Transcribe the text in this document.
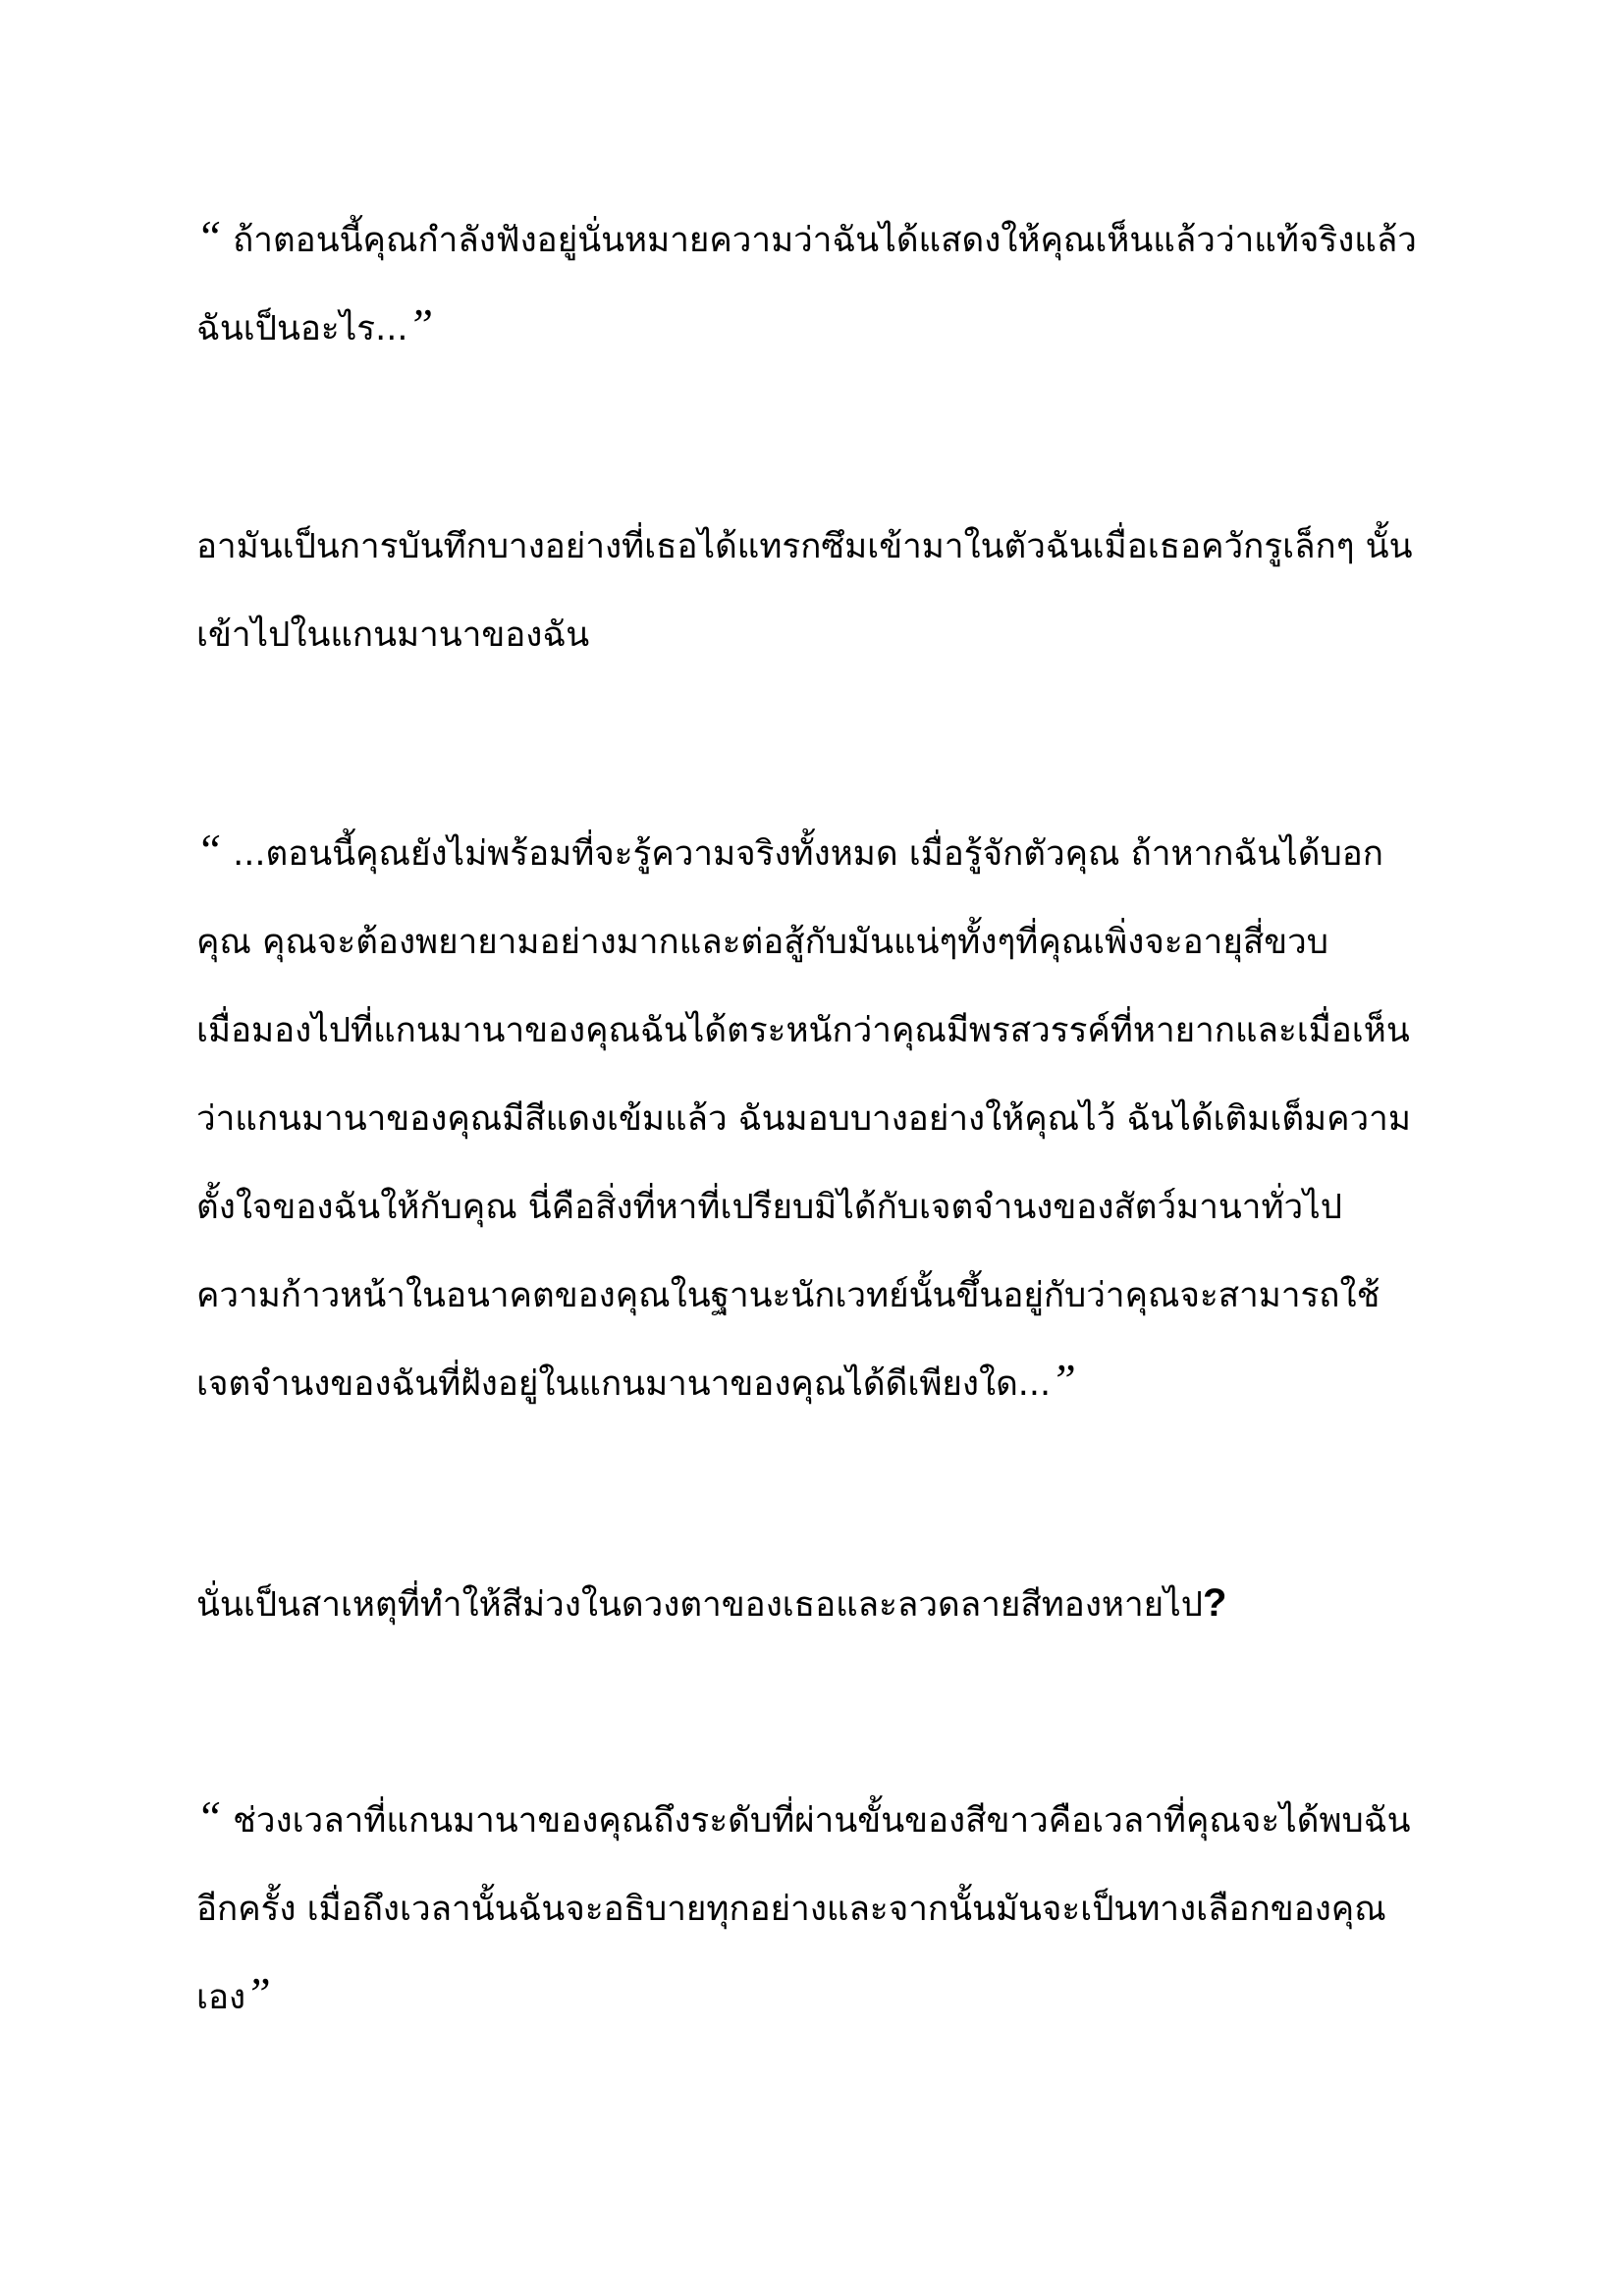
“ ถ้าตอนนี้คุณกำลังฟังอยู่นั่นหมายความว่าฉันได้แสดงให้คุณเห็นแล้วว่าแท้จริงแล้ว
ฉันเป็นอะไร...”

อามันเป็นการบันทึกบางอย่างที่เธอได้แทรกซึมเข้ามาในตัวฉันเมื่อเธอควักรูเล็กๆ นั้น
เข้าไปในแกนมานาของฉัน

“ ...ตอนนี้คุณยังไม่พร้อมที่จะรู้ความจริงทั้งหมด เมื่อรู้จักตัวคุณ ถ้าหากฉันได้บอก
คุณ คุณจะต้องพยายามอย่างมากและต่อสู้กับมันแน่ๆทั้งๆที่คุณเพิ่งจะอายุสี่ขวบ
เมื่อมองไปที่แกนมานาของคุณฉันได้ตระหนักว่าคุณมีพรสวรรค์ที่หายากและเมื่อเห็น
ว่าแกนมานาของคุณมีสีแดงเข้มแล้ว ฉันมอบบางอย่างให้คุณไว้ ฉันได้เติมเต็มความ
ตั้งใจของฉันให้กับคุณ นี่คือสิ่งที่หาที่เปรียบมิได้กับเจตจำนงของสัตว์มานาทั่วไป
ความก้าวหน้าในอนาคตของคุณในฐานะนักเวทย์นั้นขึ้นอยู่กับว่าคุณจะสามารถใช้
เจตจำนงของฉันที่ฝังอยู่ในแกนมานาของคุณได้ดีเพียงใด...”

นั่นเป็นสาเหตุที่ทำให้สีม่วงในดวงตาของเธอและลวดลายสีทองหายไป?

“ ช่วงเวลาที่แกนมานาของคุณถึงระดับที่ผ่านขั้นของสีขาวคือเวลาที่คุณจะได้พบฉัน
อีกครั้ง เมื่อถึงเวลานั้นฉันจะอธิบายทุกอย่างและจากนั้นมันจะเป็นทางเลือกของคุณ
เอง”
